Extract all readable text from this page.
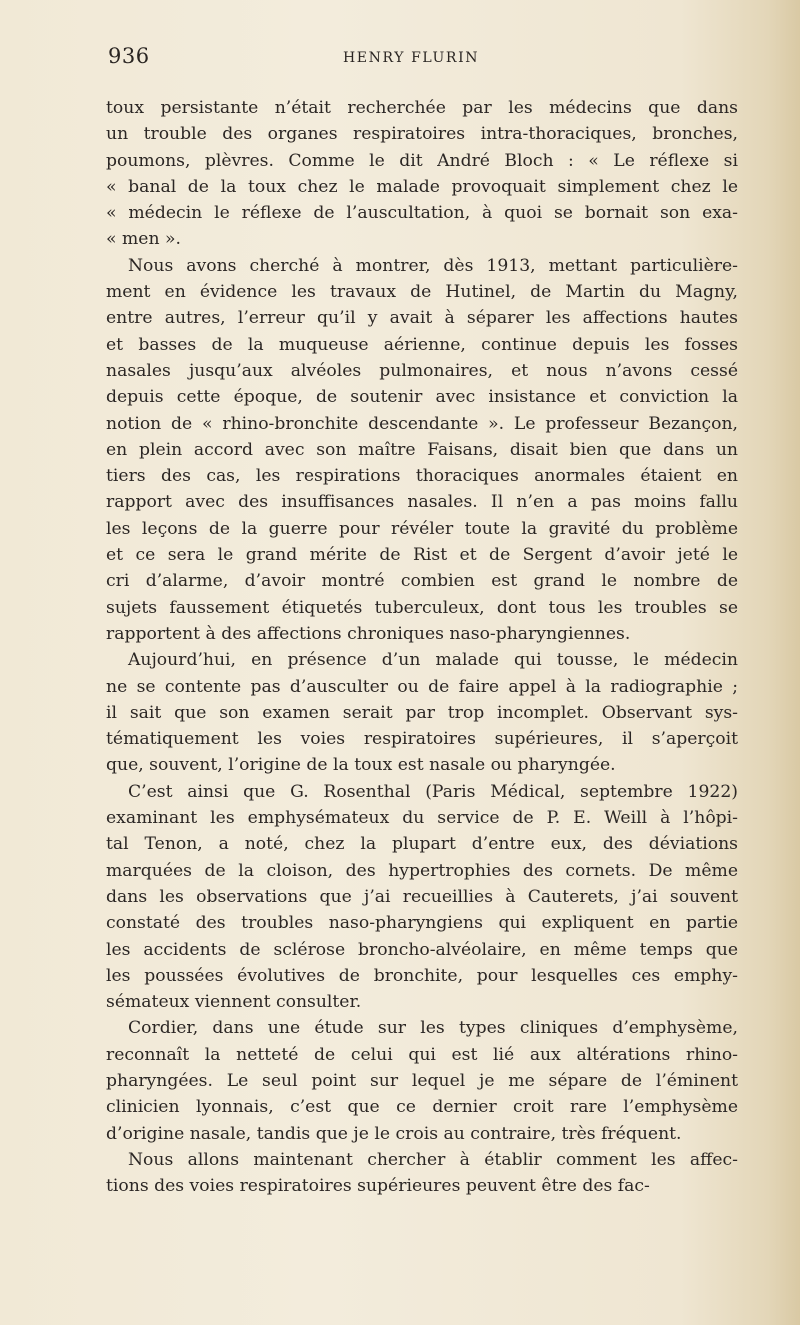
936	HENRY FLURIN
toux persistante n’était recherchée par les médecins que dans
un trouble des organes respiratoires intra-thoraciques, bronches,
poumons, plèvres. Comme le dit André Bloch : « Le réflexe si
« banal de la toux chez le malade provoquait simplement chez le
« médecin le réflexe de l’auscultation, à quoi se bornait son exa-
« men ».
Nous avons cherché à montrer, dès 1913, mettant particulière-
ment en évidence les travaux de Hutinel, de Martin du Magny,
entre autres, l’erreur qu’il y avait à séparer les affections hautes
et basses de la muqueuse aérienne, continue depuis les fosses
nasales jusqu’aux alvéoles pulmonaires, et nous n’avons cessé
depuis cette époque, de soutenir avec insistance et conviction la
notion de « rhino-bronchite descendante ». Le professeur Bezançon,
en plein accord avec son maître Faisans, disait bien que dans un
tiers des cas, les respirations thoraciques anormales étaient en
rapport avec des insuffisances nasales. Il n’en a pas moins fallu
les leçons de la guerre pour révéler toute la gravité du problème
et ce sera le grand mérite de Rist et de Sergent d’avoir jeté le
cri d’alarme, d’avoir montré combien est grand le nombre de
sujets faussement étiquetés tuberculeux, dont tous les troubles se
rapportent à des affections chroniques naso-pharyngiennes.
Aujourd’hui, en présence d’un malade qui tousse, le médecin
ne se contente pas d’ausculter ou de faire appel à la radiographie ;
il sait que son examen serait par trop incomplet. Observant sys-
tématiquement les voies respiratoires supérieures, il s’aperçoit
que, souvent, l’origine de la toux est nasale ou pharyngée.
C’est ainsi que G. Rosenthal (Paris Médical, septembre 1922)
examinant les emphysémateux du service de P. E. Weill à l’hôpi-
tal Tenon, a noté, chez la plupart d’entre eux, des déviations
marquées de la cloison, des hypertrophies des cornets. De même
dans les observations que j’ai recueillies à Cauterets, j’ai souvent
constaté des troubles naso-pharyngiens qui expliquent en partie
les accidents de sclérose broncho-alvéolaire, en même temps que
les poussées évolutives de bronchite, pour lesquelles ces emphy-
sémateux viennent consulter.
Cordier, dans une étude sur les types cliniques d’emphysème,
reconnaît la netteté de celui qui est lié aux altérations rhino-
pharyngées. Le seul point sur lequel je me sépare de l’éminent
clinicien lyonnais, c’est que ce dernier croit rare l’emphysème
d’origine nasale, tandis que je le crois au contraire, très fréquent.
Nous allons maintenant chercher à établir comment les affec-
tions des voies respiratoires supérieures peuvent être des fac-
